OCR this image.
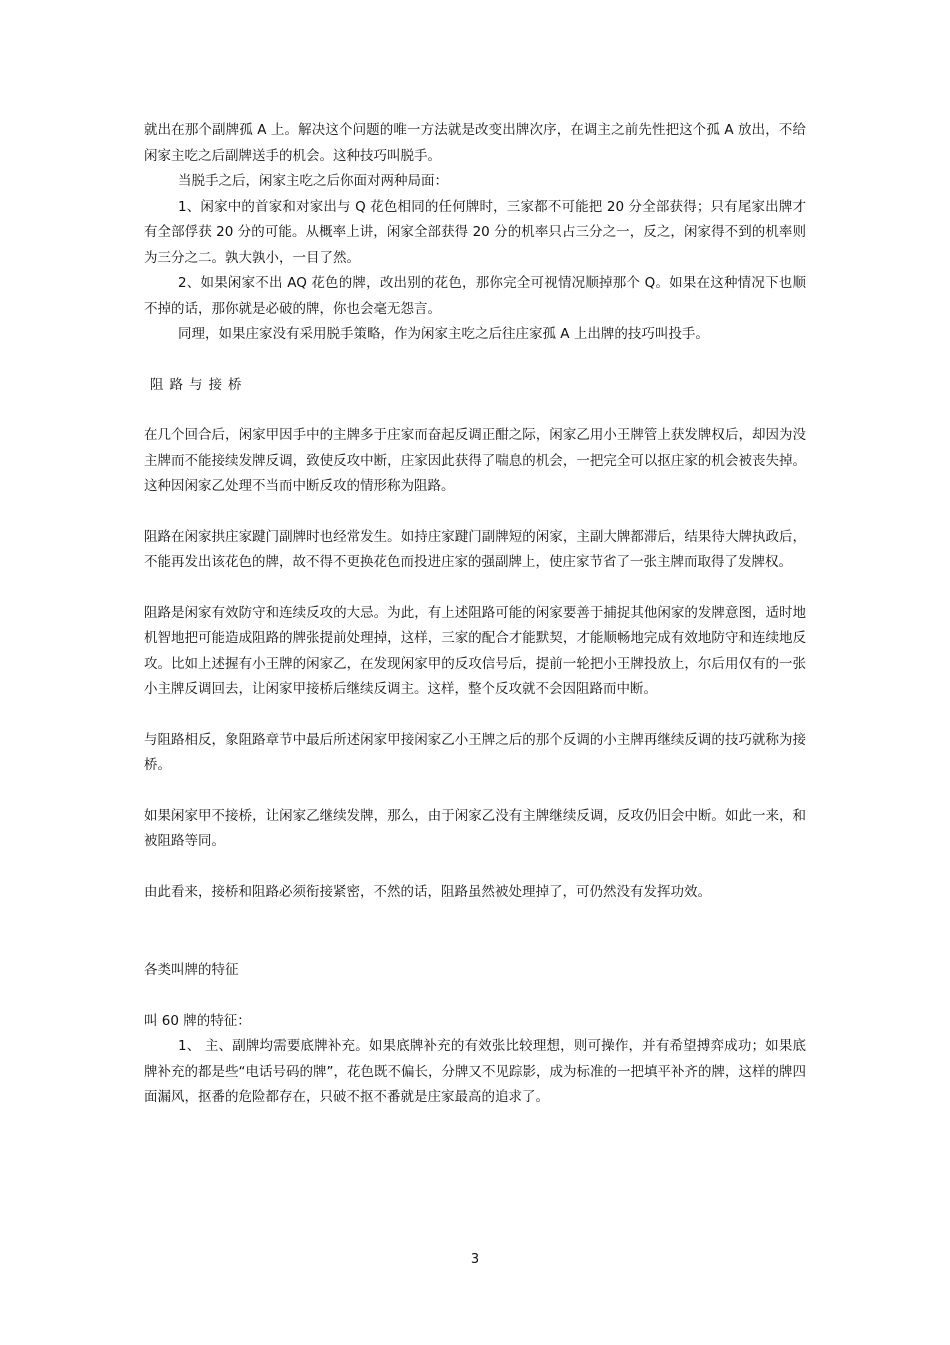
就出在那个副牌孤 A 上。解决这个问题的唯一方法就是改变出牌次序，在调主之前先性把这个孤 A 放出，不给闲家主吃之后副牌送手的机会。这种技巧叫脱手。

当脱手之后，闲家主吃之后你面对两种局面：

1、闲家中的首家和对家出与 Q 花色相同的任何牌时，三家都不可能把 20 分全部获得；只有尾家出牌才有全部俘获 20 分的可能。从概率上讲，闲家全部获得 20 分的机率只占三分之一，反之，闲家得不到的机率则为三分之二。孰大孰小，一目了然。

2、如果闲家不出 AQ 花色的牌，改出别的花色，那你完全可视情况顺掉那个 Q。如果在这种情况下也顺不掉的话，那你就是必破的牌，你也会毫无怨言。

同理，如果庄家没有采用脱手策略，作为闲家主吃之后往庄家孤 A 上出牌的技巧叫投手。

阻路与接桥

在几个回合后，闲家甲因手中的主牌多于庄家而奋起反调正酣之际，闲家乙用小王牌管上获发牌权后，却因为没主牌而不能接续发牌反调，致使反攻中断，庄家因此获得了喘息的机会，一把完全可以抠庄家的机会被丧失掉。这种因闲家乙处理不当而中断反攻的情形称为阻路。

阻路在闲家拱庄家踺门副牌时也经常发生。如持庄家踺门副牌短的闲家，主副大牌都滞后，结果待大牌执政后，不能再发出该花色的牌，故不得不更换花色而投进庄家的强副牌上，使庄家节省了一张主牌而取得了发牌权。

阻路是闲家有效防守和连续反攻的大忌。为此，有上述阻路可能的闲家要善于捕捉其他闲家的发牌意图，适时地机智地把可能造成阻路的牌张提前处理掉，这样，三家的配合才能默契，才能顺畅地完成有效地防守和连续地反攻。比如上述握有小王牌的闲家乙，在发现闲家甲的反攻信号后，提前一轮把小王牌投放上，尔后用仅有的一张小主牌反调回去，让闲家甲接桥后继续反调主。这样，整个反攻就不会因阻路而中断。

与阻路相反，象阻路章节中最后所述闲家甲接闲家乙小王牌之后的那个反调的小主牌再继续反调的技巧就称为接桥。

如果闲家甲不接桥，让闲家乙继续发牌，那么，由于闲家乙没有主牌继续反调，反攻仍旧会中断。如此一来，和被阻路等同。

由此看来，接桥和阻路必须衔接紧密，不然的话，阻路虽然被处理掉了，可仍然没有发挥功效。

各类叫牌的特征

叫 60 牌的特征：

1、 主、副牌均需要底牌补充。如果底牌补充的有效张比较理想，则可操作，并有希望搏弈成功；如果底牌补充的都是些“电话号码的牌”，花色既不偏长，分牌又不见踪影，成为标准的一把填平补齐的牌，这样的牌四面漏风，抠番的危险都存在，只破不抠不番就是庄家最高的追求了。

3
